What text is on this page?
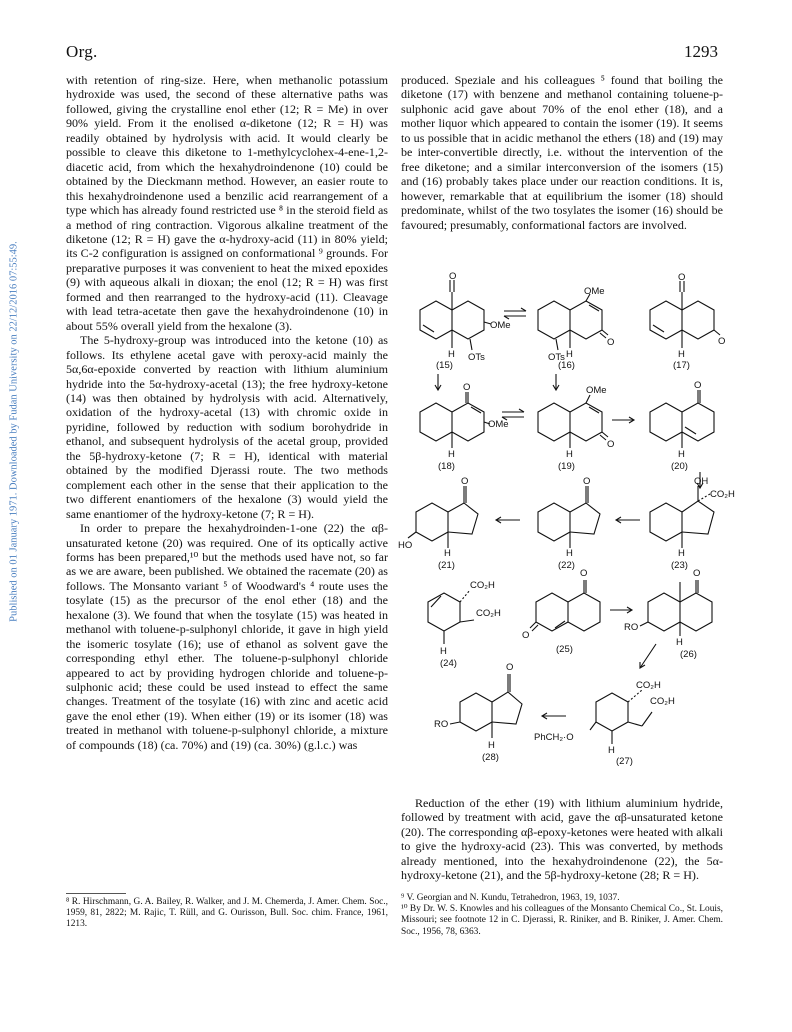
Org.	1293
Published on 01 January 1971. Downloaded by Fudan University on 22/12/2016 07:55:49.

with retention of ring-size. Here, when methanolic potassium hydroxide was used, the second of these alternative paths was followed, giving the crystalline enol ether (12; R = Me) in over 90% yield. From it the enolised α-diketone (12; R = H) was readily obtained by hydrolysis with acid. It would clearly be possible to cleave this diketone to 1-methylcyclohex-4-ene-1,2-diacetic acid, from which the hexahydroindenone (10) could be obtained by the Dieckmann method. However, an easier route to this hexahydroindenone used a benzilic acid rearrangement of a type which has already found restricted use ⁸ in the steroid field as a method of ring contraction. Vigorous alkaline treatment of the diketone (12; R = H) gave the α-hydroxy-acid (11) in 80% yield; its C-2 configuration is assigned on conformational ⁹ grounds. For preparative purposes it was convenient to heat the mixed epoxides (9) with aqueous alkali in dioxan; the enol (12; R = H) was first formed and then rearranged to the hydroxy-acid (11). Cleavage with lead tetra-acetate then gave the hexahydroindenone (10) in about 55% overall yield from the hexalone (3).

The 5-hydroxy-group was introduced into the ketone (10) as follows. Its ethylene acetal gave with peroxy-acid mainly the 5α,6α-epoxide converted by reaction with lithium aluminium hydride into the 5α-hydroxy-acetal (13); the free hydroxy-ketone (14) was then obtained by hydrolysis with acid. Alternatively, oxidation of the hydroxy-acetal (13) with chromic oxide in pyridine, followed by reduction with sodium borohydride in ethanol, and subsequent hydrolysis of the acetal group, provided the 5β-hydroxy-ketone (7; R = H), identical with material obtained by the modified Djerassi route. The two methods complement each other in the sense that their application to the two different enantiomers of the hexalone (3) would yield the same enantiomer of the hydroxy-ketone (7; R = H).

In order to prepare the hexahydroinden-1-one (22) the αβ-unsaturated ketone (20) was required. One of its optically active forms has been prepared,¹⁰ but the methods used have not, so far as we are aware, been published. We obtained the racemate (20) as follows. The Monsanto variant ⁵ of Woodward's ⁴ route uses the tosylate (15) as the precursor of the enol ether (18) and the hexalone (3). We found that when the tosylate (15) was heated in methanol with toluene-p-sulphonyl chloride, it gave in high yield the isomeric tosylate (16); use of ethanol as solvent gave the corresponding ethyl ether. The toluene-p-sulphonyl chloride appeared to act by providing hydrogen chloride and toluene-p-sulphonic acid; these could be used instead to effect the same changes. Treatment of the tosylate (16) with zinc and acetic acid gave the enol ether (19). When either (19) or its isomer (18) was treated in methanol with toluene-p-sulphonyl chloride, a mixture of compounds (18) (ca. 70%) and (19) (ca. 30%) (g.l.c.) was

produced. Speziale and his colleagues ⁵ found that boiling the diketone (17) with benzene and methanol containing toluene-p-sulphonic acid gave about 70% of the enol ether (18), and a mother liquor which appeared to contain the isomer (19). It seems to us possible that in acidic methanol the ethers (18) and (19) may be inter-convertible directly, i.e. without the intervention of the free diketone; and a similar interconversion of the isomers (15) and (16) probably takes place under our reaction conditions. It is, however, remarkable that at equilibrium the isomer (18) should predominate, whilst of the two tosylates the isomer (16) should be favoured; presumably, conformational factors are involved.

O
OMe
H OTs
(15)
OMe
O
H
OTs
(16)
O
O
H
(17)
O
OMe
H
(18)
OMe
O
H
(19)
O
H
(20)
O
HO
H
(21)
O
H
(22)
OH
CO₂H
H
(23)
CO₂H
CO₂H
H
(24)
O
O
(25)
O
RO
H
(26)
O
RO
H
(28)
CO₂H
CO₂H
PhCH₂·O
H
(27)

Reduction of the ether (19) with lithium aluminium hydride, followed by treatment with acid, gave the αβ-unsaturated ketone (20). The corresponding αβ-epoxy-ketones were heated with alkali to give the hydroxy-acid (23). This was converted, by methods already mentioned, into the hexahydroindenone (22), the 5α-hydroxy-ketone (21), and the 5β-hydroxy-ketone (28; R = H).

⁸ R. Hirschmann, G. A. Bailey, R. Walker, and J. M. Chemerda, J. Amer. Chem. Soc., 1959, 81, 2822; M. Rajic, T. Rüll, and G. Ourisson, Bull. Soc. chim. France, 1961, 1213.

⁹ V. Georgian and N. Kundu, Tetrahedron, 1963, 19, 1037.

¹⁰ By Dr. W. S. Knowles and his colleagues of the Monsanto Chemical Co., St. Louis, Missouri; see footnote 12 in C. Djerassi, R. Riniker, and B. Riniker, J. Amer. Chem. Soc., 1956, 78, 6363.
